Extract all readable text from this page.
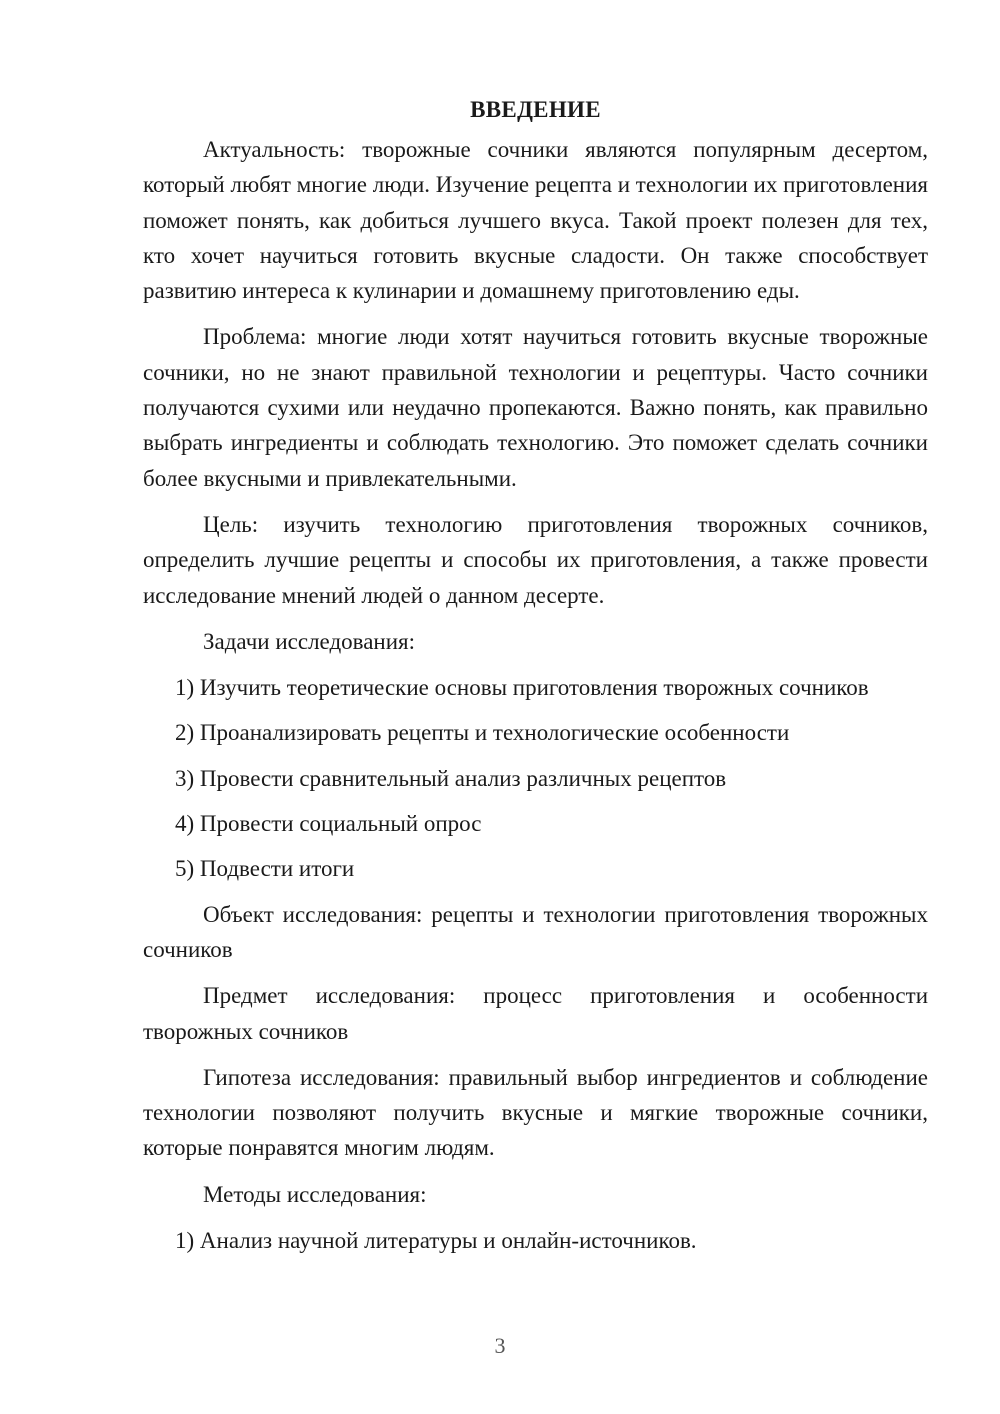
ВВЕДЕНИЕ

Актуальность: творожные сочники являются популярным десертом, который любят многие люди. Изучение рецепта и технологии их приготовления поможет понять, как добиться лучшего вкуса. Такой проект полезен для тех, кто хочет научиться готовить вкусные сладости. Он также способствует развитию интереса к кулинарии и домашнему приготовлению еды.

Проблема: многие люди хотят научиться готовить вкусные творожные сочники, но не знают правильной технологии и рецептуры. Часто сочники получаются сухими или неудачно пропекаются. Важно понять, как правильно выбрать ингредиенты и соблюдать технологию. Это поможет сделать сочники более вкусными и привлекательными.

Цель: изучить технологию приготовления творожных сочников, определить лучшие рецепты и способы их приготовления, а также провести исследование мнений людей о данном десерте.

Задачи исследования:
1) Изучить теоретические основы приготовления творожных сочников
2) Проанализировать рецепты и технологические особенности
3) Провести сравнительный анализ различных рецептов
4) Провести социальный опрос
5) Подвести итоги

Объект исследования: рецепты и технологии приготовления творожных сочников

Предмет исследования: процесс приготовления и особенности творожных сочников

Гипотеза исследования: правильный выбор ингредиентов и соблюдение технологии позволяют получить вкусные и мягкие творожные сочники, которые понравятся многим людям.

Методы исследования:
1) Анализ научной литературы и онлайн-источников.
3
